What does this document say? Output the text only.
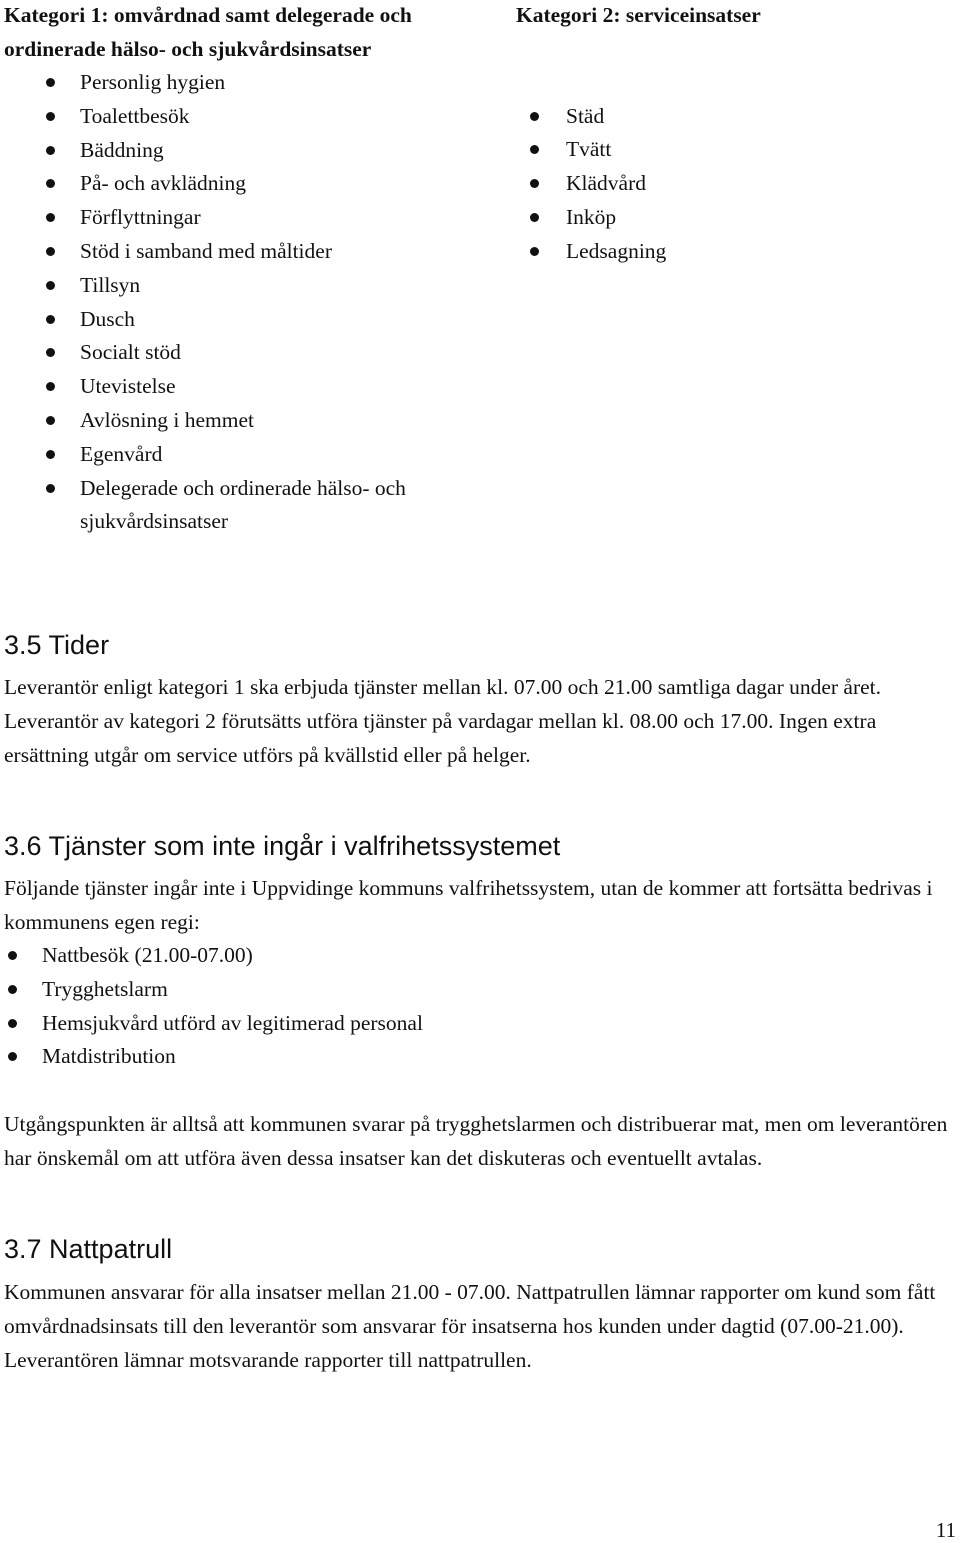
Kategori 1: omvårdnad samt delegerade och ordinerade hälso- och sjukvårdsinsatser

Personlig hygien
Toalettbesök
Bäddning
På- och avklädning
Förflyttningar
Stöd i samband med måltider
Tillsyn
Dusch
Socialt stöd
Utevistelse
Avlösning i hemmet
Egenvård
Delegerade och ordinerade hälso- och sjukvårdsinsatser

Kategori 2: serviceinsatser

Städ
Tvätt
Klädvård
Inköp
Ledsagning
3.5 Tider

Leverantör enligt kategori 1 ska erbjuda tjänster mellan kl. 07.00 och 21.00 samtliga dagar under året. Leverantör av kategori 2 förutsätts utföra tjänster på vardagar mellan kl. 08.00 och 17.00. Ingen extra ersättning utgår om service utförs på kvällstid eller på helger.

3.6 Tjänster som inte ingår i valfrihetssystemet

Följande tjänster ingår inte i Uppvidinge kommuns valfrihetssystem, utan de kommer att fortsätta bedrivas i kommunens egen regi:

Nattbesök (21.00-07.00)
Trygghetslarm
Hemsjukvård utförd av legitimerad personal
Matdistribution

Utgångspunkten är alltså att kommunen svarar på trygghetslarmen och distribuerar mat, men om leverantören har önskemål om att utföra även dessa insatser kan det diskuteras och eventuellt avtalas.

3.7 Nattpatrull

Kommunen ansvarar för alla insatser mellan 21.00 - 07.00. Nattpatrullen lämnar rapporter om kund som fått omvårdnadsinsats till den leverantör som ansvarar för insatserna hos kunden under dagtid (07.00-21.00). Leverantören lämnar motsvarande rapporter till nattpatrullen.

11
